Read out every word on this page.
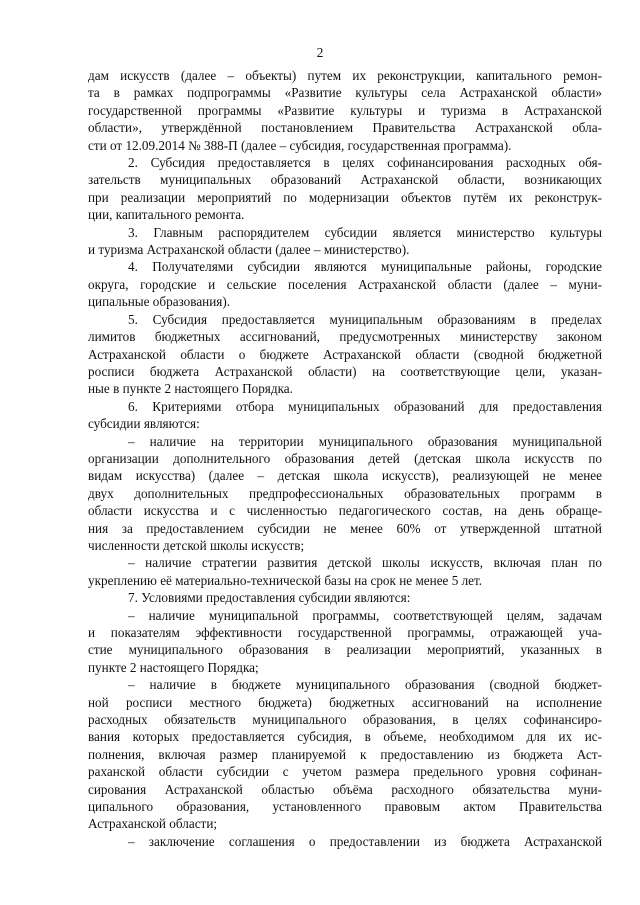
2
дам искусств (далее – объекты) путем их реконструкции, капитального ремон-
та в рамках подпрограммы «Развитие культуры села Астраханской области»
государственной программы «Развитие культуры и туризма в Астраханской
области», утверждённой постановлением Правительства Астраханской обла-
сти от 12.09.2014 № 388-П (далее – субсидия, государственная программа).
2. Субсидия предоставляется в целях софинансирования расходных обя-
зательств муниципальных образований Астраханской области, возникающих
при реализации мероприятий по модернизации объектов путём их реконструк-
ции, капитального ремонта.
3. Главным распорядителем субсидии является министерство культуры
и туризма Астраханской области (далее – министерство).
4. Получателями субсидии являются муниципальные районы, городские
округа, городские и сельские поселения Астраханской области (далее – муни-
ципальные образования).
5. Субсидия предоставляется муниципальным образованиям в пределах
лимитов бюджетных ассигнований, предусмотренных министерству законом
Астраханской области о бюджете Астраханской области (сводной бюджетной
росписи бюджета Астраханской области) на соответствующие цели, указан-
ные в пункте 2 настоящего Порядка.
6. Критериями отбора муниципальных образований для предоставления
субсидии являются:
– наличие на территории муниципального образования муниципальной
организации дополнительного образования детей (детская школа искусств по
видам искусства) (далее – детская школа искусств), реализующей не менее
двух дополнительных предпрофессиональных образовательных программ в
области искусства и с численностью педагогического состав, на день обраще-
ния за предоставлением субсидии не менее 60% от утвержденной штатной
численности детской школы искусств;
– наличие стратегии развития детской школы искусств, включая план по
укреплению её материально-технической базы на срок не менее 5 лет.
7. Условиями предоставления субсидии являются:
– наличие муниципальной программы, соответствующей целям, задачам
и показателям эффективности государственной программы, отражающей уча-
стие муниципального образования в реализации мероприятий, указанных в
пункте 2 настоящего Порядка;
– наличие в бюджете муниципального образования (сводной бюджет-
ной росписи местного бюджета) бюджетных ассигнований на исполнение
расходных обязательств муниципального образования, в целях софинансиро-
вания которых предоставляется субсидия, в объеме, необходимом для их ис-
полнения, включая размер планируемой к предоставлению из бюджета Аст-
раханской области субсидии с учетом размера предельного уровня софинан-
сирования Астраханской областью объёма расходного обязательства муни-
ципального образования, установленного правовым актом Правительства
Астраханской области;
– заключение соглашения о предоставлении из бюджета Астраханской
